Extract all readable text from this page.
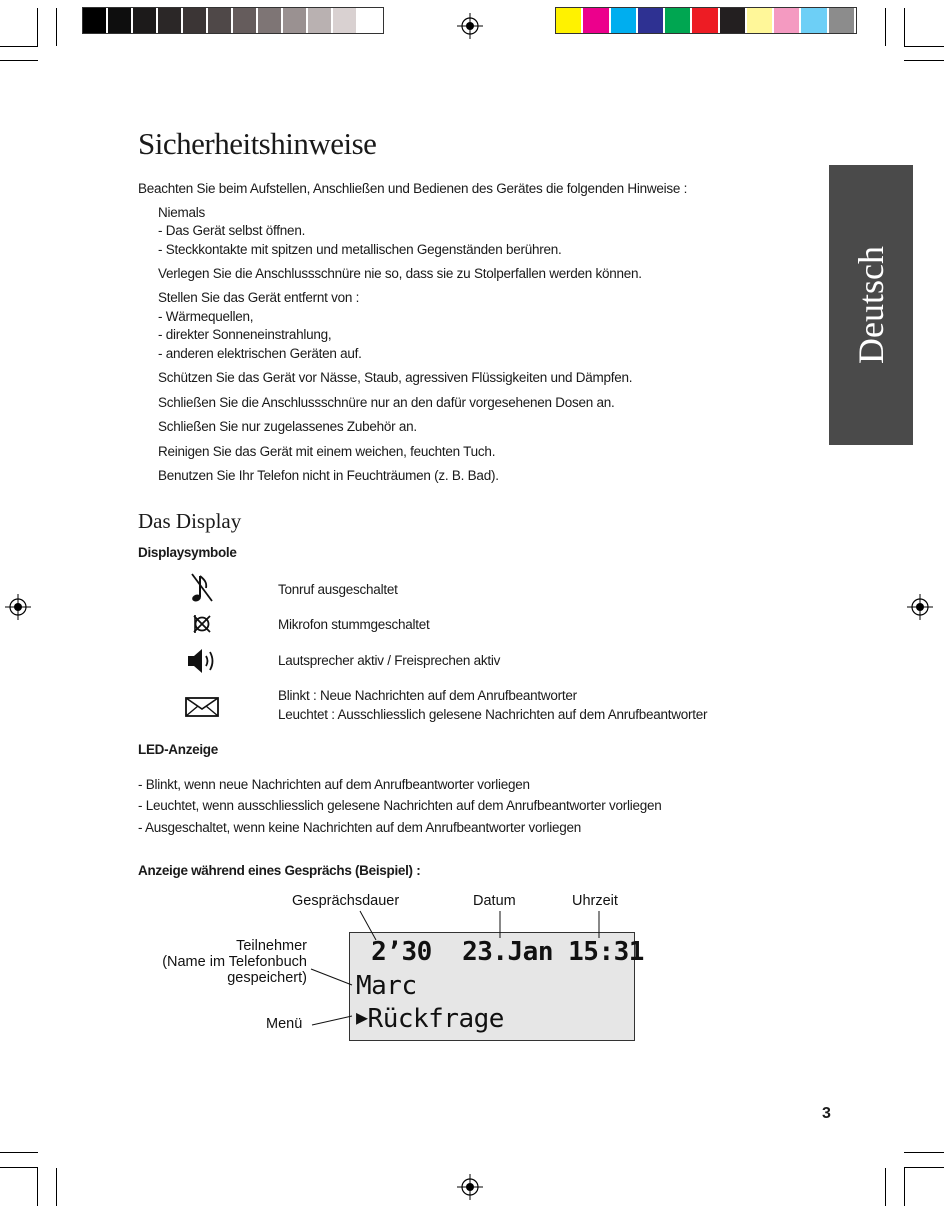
Deutsch
Sicherheitshinweise
Beachten Sie beim Aufstellen, Anschließen und Bedienen des Gerätes die folgenden Hinweise :
Niemals
- Das Gerät selbst öffnen.
- Steckkontakte mit spitzen und metallischen Gegenständen berühren.
Verlegen Sie die Anschlussschnüre nie so, dass sie zu Stolperfallen werden können.
Stellen Sie das Gerät entfernt von :
- Wärmequellen,
- direkter Sonneneinstrahlung,
- anderen elektrischen Geräten auf.
Schützen Sie das Gerät vor Nässe, Staub, agressiven Flüssigkeiten und Dämpfen.
Schließen Sie die Anschlussschnüre nur an den dafür vorgesehenen Dosen an.
Schließen Sie nur zugelassenes Zubehör an.
Reinigen Sie das Gerät mit einem weichen, feuchten Tuch.
Benutzen Sie Ihr Telefon nicht in Feuchträumen (z. B. Bad).
Das Display
Displaysymbole
Tonruf ausgeschaltet
Mikrofon stummgeschaltet
Lautsprecher aktiv / Freisprechen aktiv
Blinkt : Neue Nachrichten auf dem Anrufbeantworter
Leuchtet : Ausschliesslich gelesene Nachrichten auf dem Anrufbeantworter
LED-Anzeige
- Blinkt, wenn neue Nachrichten auf dem Anrufbeantworter vorliegen
- Leuchtet, wenn ausschliesslich gelesene Nachrichten auf dem Anrufbeantworter vorliegen
- Ausgeschaltet, wenn keine Nachrichten auf dem Anrufbeantworter vorliegen
Anzeige während eines Gesprächs (Beispiel) :
Gesprächsdauer	Datum	Uhrzeit
Teilnehmer
(Name im Telefonbuch
gespeichert)
Menü
2’30  23.Jan 15:31
Marc
▶Rückfrage
3
